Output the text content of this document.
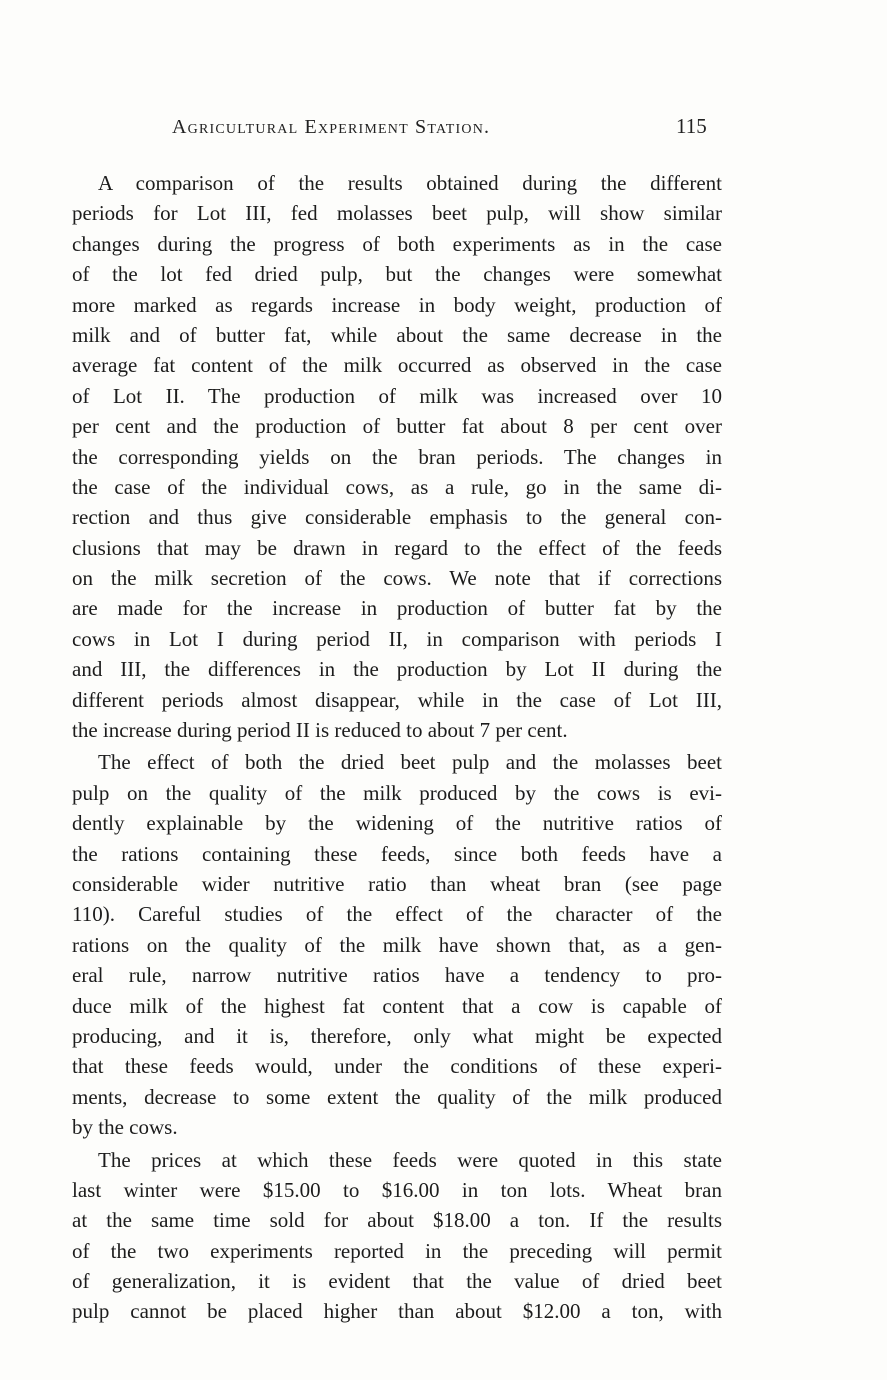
Agricultural Experiment Station.	115
A comparison of the results obtained during the different
periods for Lot III, fed molasses beet pulp, will show similar
changes during the progress of both experiments as in the case
of the lot fed dried pulp, but the changes were somewhat
more marked as regards increase in body weight, production of
milk and of butter fat, while about the same decrease in the
average fat content of the milk occurred as observed in the case
of Lot II. The production of milk was increased over 10
per cent and the production of butter fat about 8 per cent over
the corresponding yields on the bran periods. The changes in
the case of the individual cows, as a rule, go in the same di-
rection and thus give considerable emphasis to the general con-
clusions that may be drawn in regard to the effect of the feeds
on the milk secretion of the cows. We note that if corrections
are made for the increase in production of butter fat by the
cows in Lot I during period II, in comparison with periods I
and III, the differences in the production by Lot II during the
different periods almost disappear, while in the case of Lot III,
the increase during period II is reduced to about 7 per cent.
The effect of both the dried beet pulp and the molasses beet
pulp on the quality of the milk produced by the cows is evi-
dently explainable by the widening of the nutritive ratios of
the rations containing these feeds, since both feeds have a
considerable wider nutritive ratio than wheat bran (see page
110). Careful studies of the effect of the character of the
rations on the quality of the milk have shown that, as a gen-
eral rule, narrow nutritive ratios have a tendency to pro-
duce milk of the highest fat content that a cow is capable of
producing, and it is, therefore, only what might be expected
that these feeds would, under the conditions of these experi-
ments, decrease to some extent the quality of the milk produced
by the cows.
The prices at which these feeds were quoted in this state
last winter were $15.00 to $16.00 in ton lots. Wheat bran
at the same time sold for about $18.00 a ton. If the results
of the two experiments reported in the preceding will permit
of generalization, it is evident that the value of dried beet
pulp cannot be placed higher than about $12.00 a ton, with
